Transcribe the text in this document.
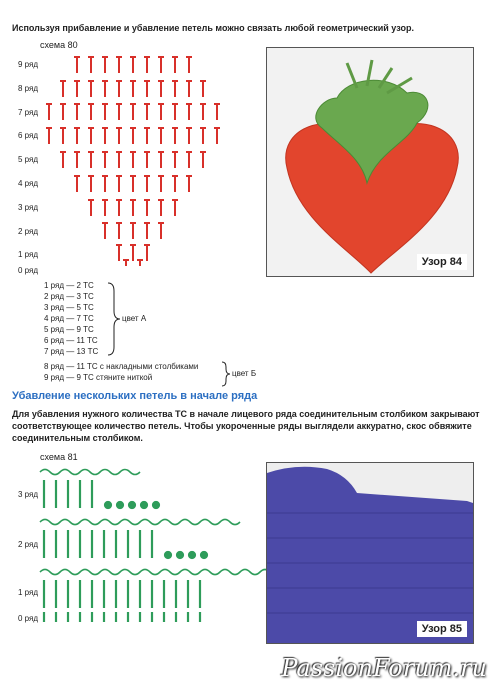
Используя прибавление и убавление петель можно связать любой геометрический узор.
схема 80
9 ряд
8 ряд
7 ряд
6 ряд
5 ряд
4 ряд
3 ряд
2 ряд
1 ряд
0 ряд
Узор 84
1 ряд — 2 ТС
2 ряд — 3 ТС
3 ряд — 5 ТС
4 ряд — 7 ТС
5 ряд — 9 ТС
6 ряд — 11 ТС
7 ряд — 13 ТС
цвет А
8 ряд — 11 ТС с накладными столбиками
9 ряд — 9 ТС стяните ниткой	цвет Б
Убавление нескольких петель в начале ряда
Для убавления нужного количества ТС в начале лицевого ряда соединительным столбиком закрывают соответствующее количество петель. Чтобы укороченные ряды выглядели аккуратно, скос обвяжите соединительным столбиком.
схема 81
3 ряд
2 ряд
1 ряд
0 ряд
Узор 85
PassionForum.ru
